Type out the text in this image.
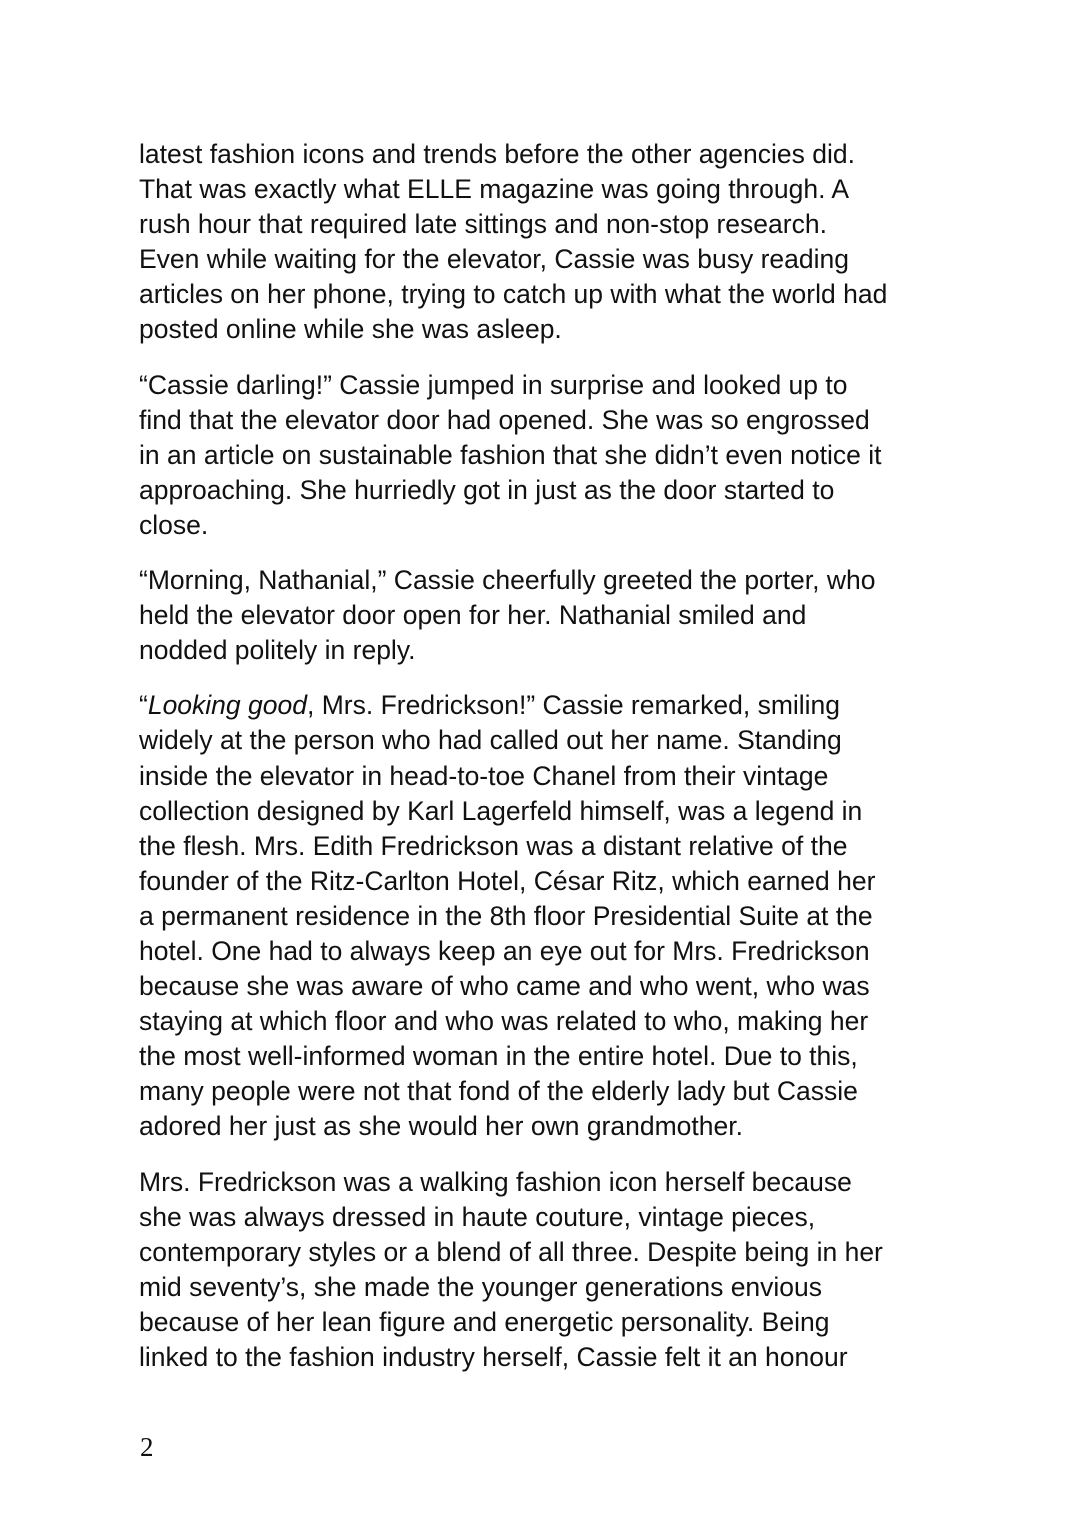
latest fashion icons and trends before the other agencies did.
That was exactly what ELLE magazine was going through. A
rush hour that required late sittings and non-stop research.
Even while waiting for the elevator, Cassie was busy reading
articles on her phone, trying to catch up with what the world had
posted online while she was asleep.

“Cassie darling!” Cassie jumped in surprise and looked up to
find that the elevator door had opened. She was so engrossed
in an article on sustainable fashion that she didn’t even notice it
approaching. She hurriedly got in just as the door started to
close.

“Morning, Nathanial,” Cassie cheerfully greeted the porter, who
held the elevator door open for her. Nathanial smiled and
nodded politely in reply.

“Looking good, Mrs. Fredrickson!” Cassie remarked, smiling
widely at the person who had called out her name. Standing
inside the elevator in head-to-toe Chanel from their vintage
collection designed by Karl Lagerfeld himself, was a legend in
the flesh. Mrs. Edith Fredrickson was a distant relative of the
founder of the Ritz-Carlton Hotel, César Ritz, which earned her
a permanent residence in the 8th floor Presidential Suite at the
hotel. One had to always keep an eye out for Mrs. Fredrickson
because she was aware of who came and who went, who was
staying at which floor and who was related to who, making her
the most well-informed woman in the entire hotel. Due to this,
many people were not that fond of the elderly lady but Cassie
adored her just as she would her own grandmother.

Mrs. Fredrickson was a walking fashion icon herself because
she was always dressed in haute couture, vintage pieces,
contemporary styles or a blend of all three. Despite being in her
mid seventy’s, she made the younger generations envious
because of her lean figure and energetic personality. Being
linked to the fashion industry herself, Cassie felt it an honour

2
